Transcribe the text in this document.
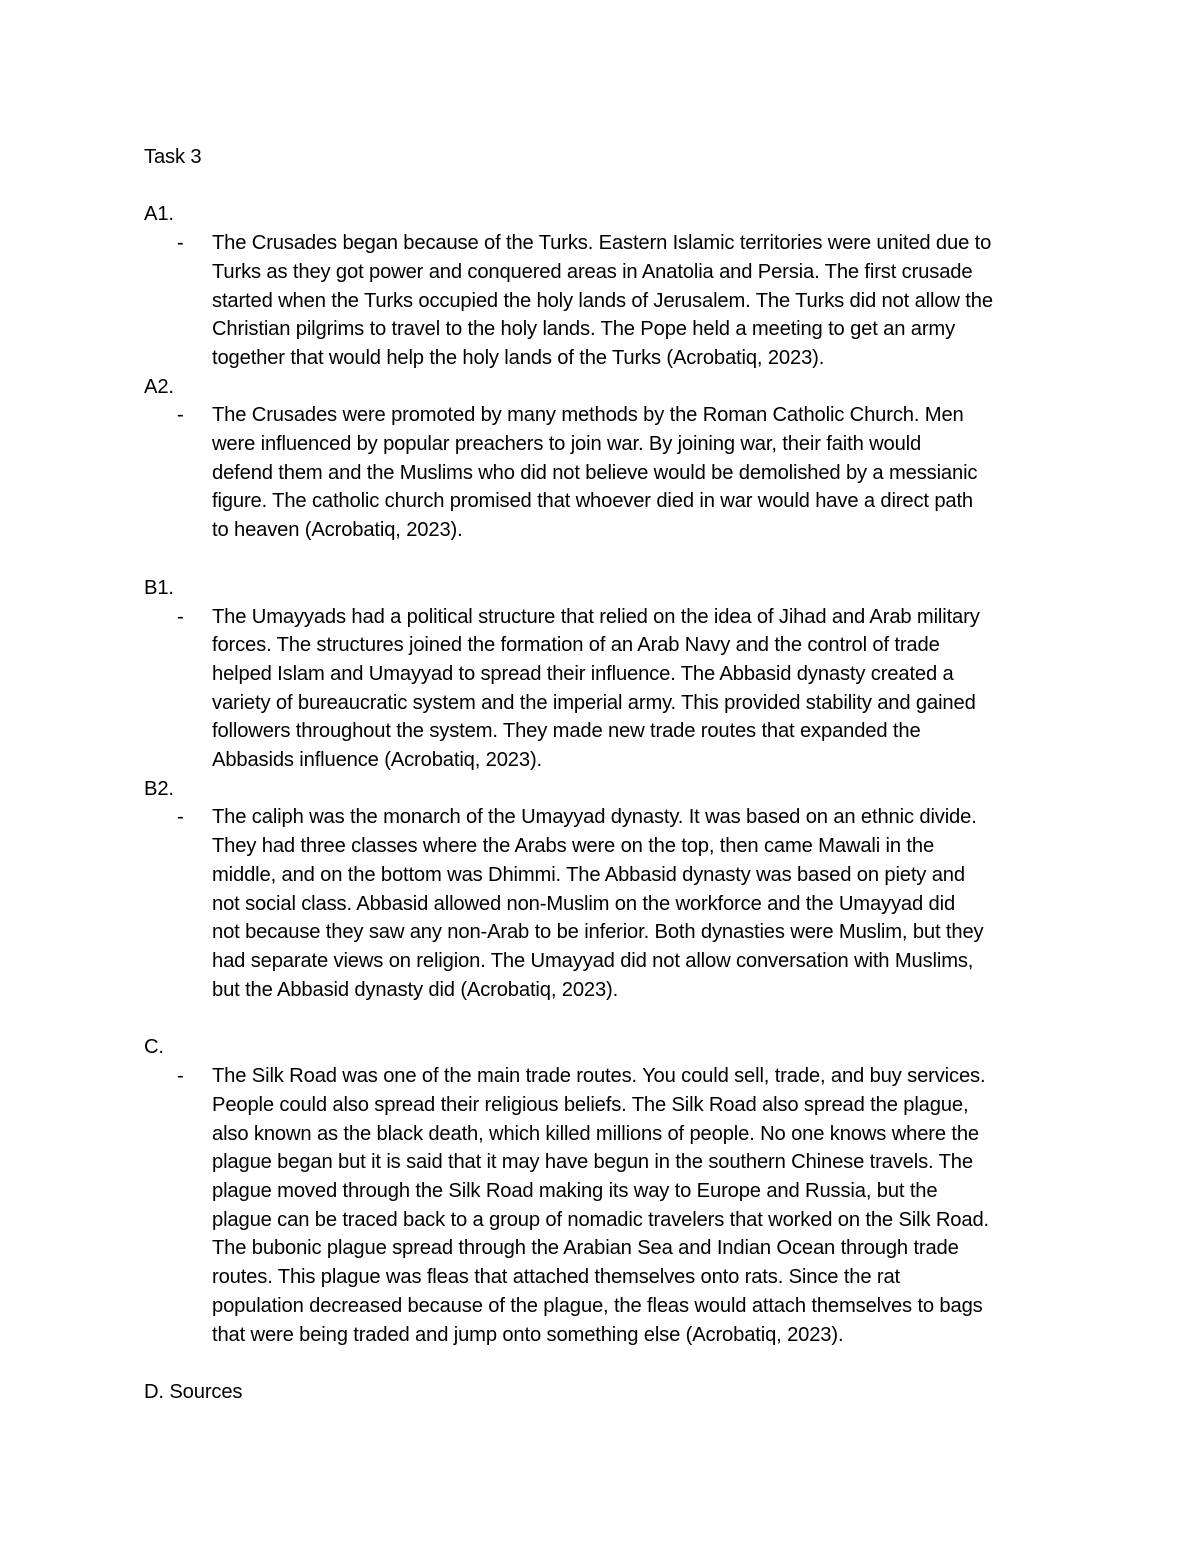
Task 3
A1.
- The Crusades began because of the Turks. Eastern Islamic territories were united due to
Turks as they got power and conquered areas in Anatolia and Persia. The first crusade
started when the Turks occupied the holy lands of Jerusalem. The Turks did not allow the
Christian pilgrims to travel to the holy lands. The Pope held a meeting to get an army
together that would help the holy lands of the Turks (Acrobatiq, 2023).
A2.
- The Crusades were promoted by many methods by the Roman Catholic Church. Men
were influenced by popular preachers to join war. By joining war, their faith would
defend them and the Muslims who did not believe would be demolished by a messianic
figure. The catholic church promised that whoever died in war would have a direct path
to heaven (Acrobatiq, 2023).
B1.
- The Umayyads had a political structure that relied on the idea of Jihad and Arab military
forces. The structures joined the formation of an Arab Navy and the control of trade
helped Islam and Umayyad to spread their influence. The Abbasid dynasty created a
variety of bureaucratic system and the imperial army. This provided stability and gained
followers throughout the system. They made new trade routes that expanded the
Abbasids influence (Acrobatiq, 2023).
B2.
- The caliph was the monarch of the Umayyad dynasty. It was based on an ethnic divide.
They had three classes where the Arabs were on the top, then came Mawali in the
middle, and on the bottom was Dhimmi. The Abbasid dynasty was based on piety and
not social class. Abbasid allowed non-Muslim on the workforce and the Umayyad did
not because they saw any non-Arab to be inferior. Both dynasties were Muslim, but they
had separate views on religion. The Umayyad did not allow conversation with Muslims,
but the Abbasid dynasty did (Acrobatiq, 2023).
C.
- The Silk Road was one of the main trade routes. You could sell, trade, and buy services.
People could also spread their religious beliefs. The Silk Road also spread the plague,
also known as the black death, which killed millions of people. No one knows where the
plague began but it is said that it may have begun in the southern Chinese travels. The
plague moved through the Silk Road making its way to Europe and Russia, but the
plague can be traced back to a group of nomadic travelers that worked on the Silk Road.
The bubonic plague spread through the Arabian Sea and Indian Ocean through trade
routes. This plague was fleas that attached themselves onto rats. Since the rat
population decreased because of the plague, the fleas would attach themselves to bags
that were being traded and jump onto something else (Acrobatiq, 2023).
D. Sources
